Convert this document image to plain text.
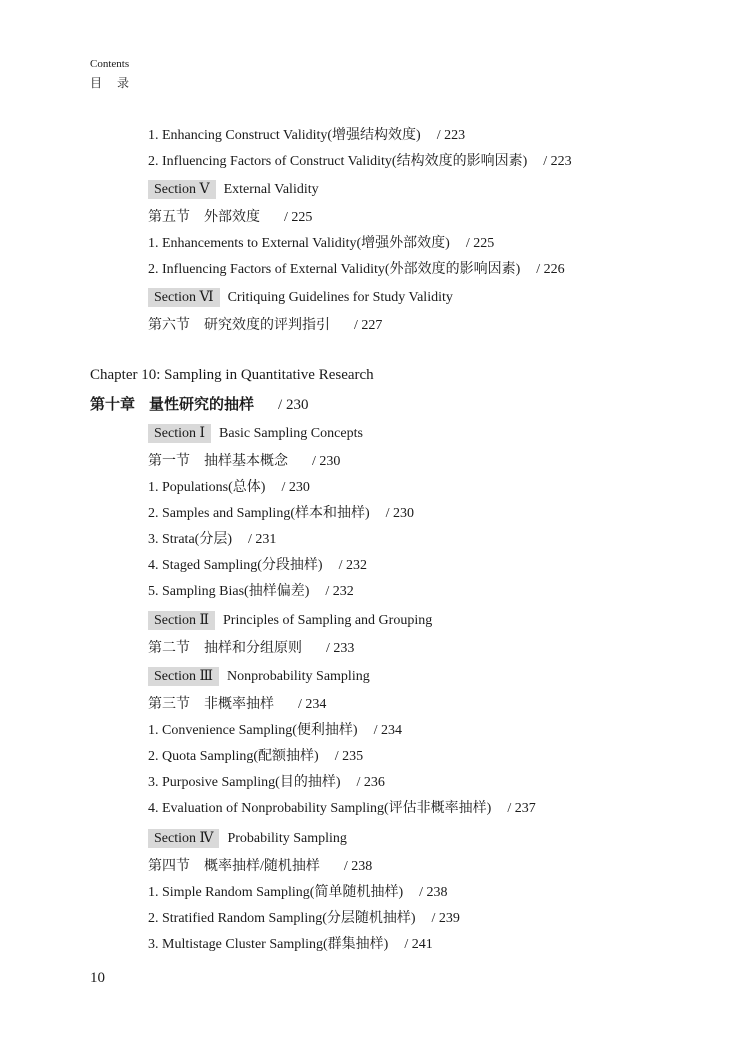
Contents
目 录
1. Enhancing Construct Validity(增强结构效度) / 223
2. Influencing Factors of Construct Validity(结构效度的影响因素) / 223
Section Ⅴ External Validity
第五节 外部效度 / 225
1. Enhancements to External Validity(增强外部效度) / 225
2. Influencing Factors of External Validity(外部效度的影响因素) / 226
Section Ⅵ Critiquing Guidelines for Study Validity
第六节 研究效度的评判指引 / 227
Chapter 10: Sampling in Quantitative Research
第十章 量性研究的抽样 / 230
Section Ⅰ Basic Sampling Concepts
第一节 抽样基本概念 / 230
1. Populations(总体) / 230
2. Samples and Sampling(样本和抽样) / 230
3. Strata(分层) / 231
4. Staged Sampling(分段抽样) / 232
5. Sampling Bias(抽样偏差) / 232
Section Ⅱ Principles of Sampling and Grouping
第二节 抽样和分组原则 / 233
Section Ⅲ Nonprobability Sampling
第三节 非概率抽样 / 234
1. Convenience Sampling(便利抽样) / 234
2. Quota Sampling(配额抽样) / 235
3. Purposive Sampling(目的抽样) / 236
4. Evaluation of Nonprobability Sampling(评估非概率抽样) / 237
Section Ⅳ Probability Sampling
第四节 概率抽样/随机抽样 / 238
1. Simple Random Sampling(简单随机抽样) / 238
2. Stratified Random Sampling(分层随机抽样) / 239
3. Multistage Cluster Sampling(群集抽样) / 241
10
